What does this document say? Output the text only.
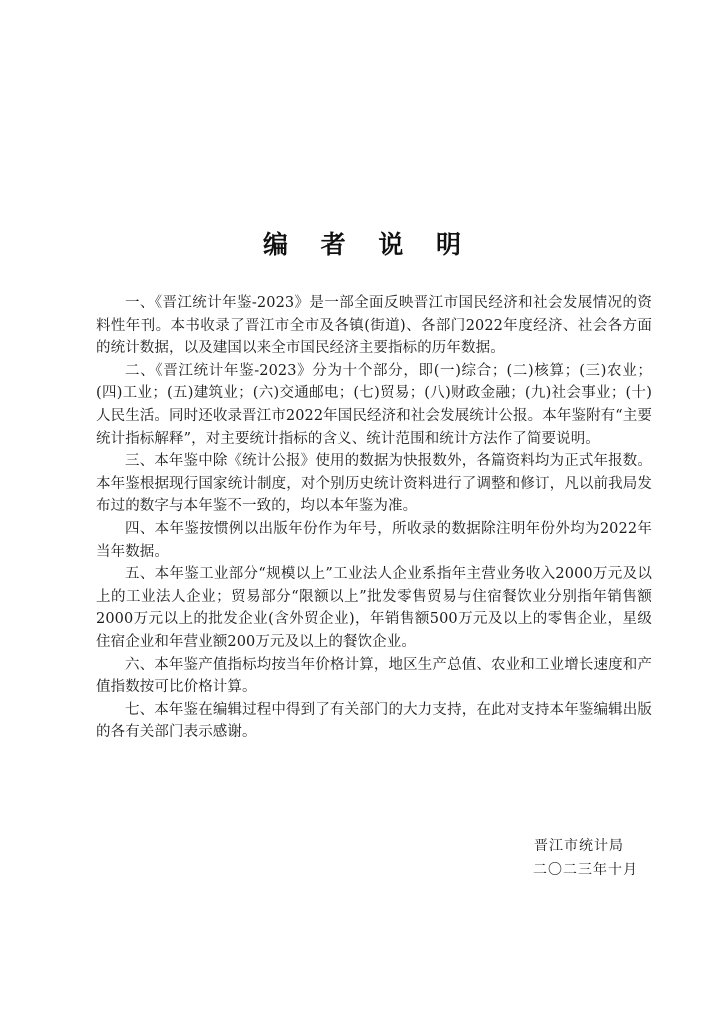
编 者 说 明

一、《晋江统计年鉴-2023》是一部全面反映晋江市国民经济和社会发展情况的资料性年刊。本书收录了晋江市全市及各镇(街道)、各部门2022年度经济、社会各方面的统计数据，以及建国以来全市国民经济主要指标的历年数据。

二、《晋江统计年鉴-2023》分为十个部分，即(一)综合；(二)核算；(三)农业；(四)工业；(五)建筑业；(六)交通邮电；(七)贸易；(八)财政金融；(九)社会事业；(十)人民生活。同时还收录晋江市2022年国民经济和社会发展统计公报。本年鉴附有“主要统计指标解释”，对主要统计指标的含义、统计范围和统计方法作了简要说明。

三、本年鉴中除《统计公报》使用的数据为快报数外，各篇资料均为正式年报数。本年鉴根据现行国家统计制度，对个别历史统计资料进行了调整和修订，凡以前我局发布过的数字与本年鉴不一致的，均以本年鉴为准。

四、本年鉴按惯例以出版年份作为年号，所收录的数据除注明年份外均为2022年当年数据。

五、本年鉴工业部分“规模以上”工业法人企业系指年主营业务收入2000万元及以上的工业法人企业；贸易部分“限额以上”批发零售贸易与住宿餐饮业分别指年销售额2000万元以上的批发企业(含外贸企业)，年销售额500万元及以上的零售企业，星级住宿企业和年营业额200万元及以上的餐饮企业。

六、本年鉴产值指标均按当年价格计算，地区生产总值、农业和工业增长速度和产值指数按可比价格计算。

七、本年鉴在编辑过程中得到了有关部门的大力支持，在此对支持本年鉴编辑出版的各有关部门表示感谢。

晋江市统计局
二〇二三年十月
